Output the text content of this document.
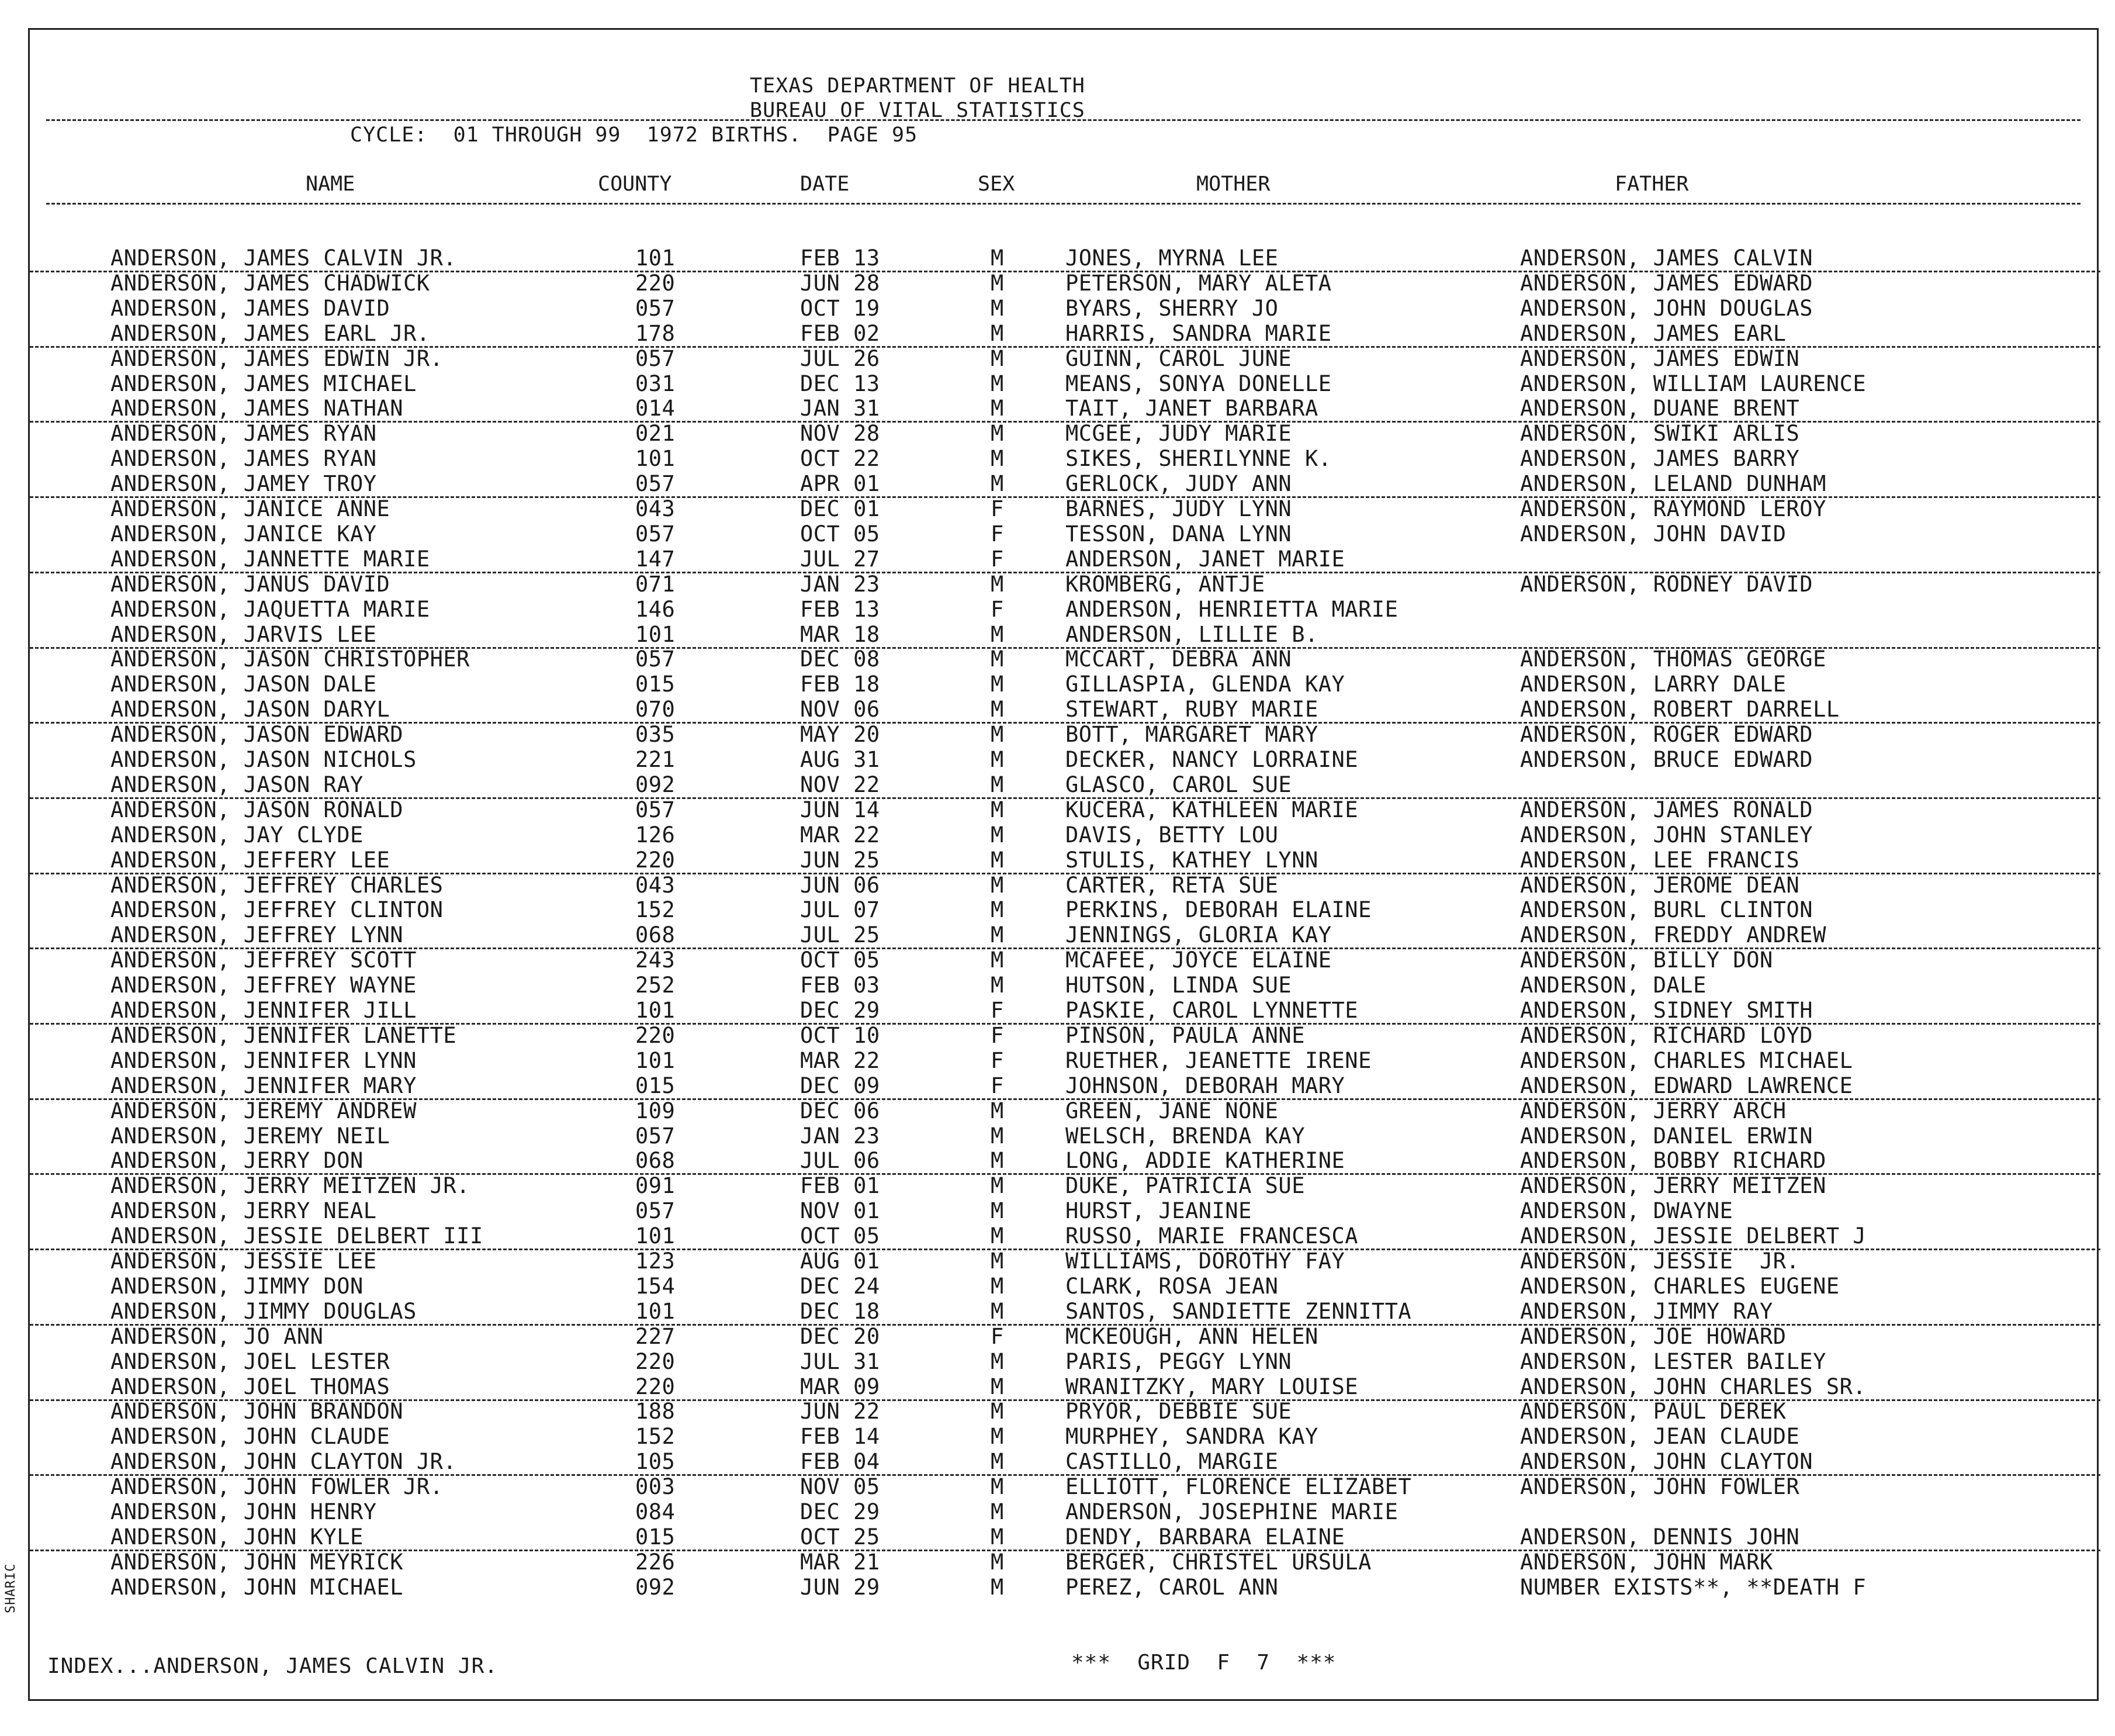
TEXAS DEPARTMENT OF HEALTH
BUREAU OF VITAL STATISTICS
CYCLE:  01 THROUGH 99  1972 BIRTHS.  PAGE 95
NAME	COUNTY	DATE	SEX	MOTHER	FATHER
ANDERSON, JAMES CALVIN JR.	101	FEB 13	M	JONES, MYRNA LEE	ANDERSON, JAMES CALVIN
ANDERSON, JAMES CHADWICK	220	JUN 28	M	PETERSON, MARY ALETA	ANDERSON, JAMES EDWARD
ANDERSON, JAMES DAVID	057	OCT 19	M	BYARS, SHERRY JO	ANDERSON, JOHN DOUGLAS
ANDERSON, JAMES EARL JR.	178	FEB 02	M	HARRIS, SANDRA MARIE	ANDERSON, JAMES EARL
ANDERSON, JAMES EDWIN JR.	057	JUL 26	M	GUINN, CAROL JUNE	ANDERSON, JAMES EDWIN
ANDERSON, JAMES MICHAEL	031	DEC 13	M	MEANS, SONYA DONELLE	ANDERSON, WILLIAM LAURENCE
ANDERSON, JAMES NATHAN	014	JAN 31	M	TAIT, JANET BARBARA	ANDERSON, DUANE BRENT
ANDERSON, JAMES RYAN	021	NOV 28	M	MCGEE, JUDY MARIE	ANDERSON, SWIKI ARLIS
ANDERSON, JAMES RYAN	101	OCT 22	M	SIKES, SHERILYNNE K.	ANDERSON, JAMES BARRY
ANDERSON, JAMEY TROY	057	APR 01	M	GERLOCK, JUDY ANN	ANDERSON, LELAND DUNHAM
ANDERSON, JANICE ANNE	043	DEC 01	F	BARNES, JUDY LYNN	ANDERSON, RAYMOND LEROY
ANDERSON, JANICE KAY	057	OCT 05	F	TESSON, DANA LYNN	ANDERSON, JOHN DAVID
ANDERSON, JANNETTE MARIE	147	JUL 27	F	ANDERSON, JANET MARIE
ANDERSON, JANUS DAVID	071	JAN 23	M	KROMBERG, ANTJE	ANDERSON, RODNEY DAVID
ANDERSON, JAQUETTA MARIE	146	FEB 13	F	ANDERSON, HENRIETTA MARIE
ANDERSON, JARVIS LEE	101	MAR 18	M	ANDERSON, LILLIE B.
ANDERSON, JASON CHRISTOPHER	057	DEC 08	M	MCCART, DEBRA ANN	ANDERSON, THOMAS GEORGE
ANDERSON, JASON DALE	015	FEB 18	M	GILLASPIA, GLENDA KAY	ANDERSON, LARRY DALE
ANDERSON, JASON DARYL	070	NOV 06	M	STEWART, RUBY MARIE	ANDERSON, ROBERT DARRELL
ANDERSON, JASON EDWARD	035	MAY 20	M	BOTT, MARGARET MARY	ANDERSON, ROGER EDWARD
ANDERSON, JASON NICHOLS	221	AUG 31	M	DECKER, NANCY LORRAINE	ANDERSON, BRUCE EDWARD
ANDERSON, JASON RAY	092	NOV 22	M	GLASCO, CAROL SUE
ANDERSON, JASON RONALD	057	JUN 14	M	KUCERA, KATHLEEN MARIE	ANDERSON, JAMES RONALD
ANDERSON, JAY CLYDE	126	MAR 22	M	DAVIS, BETTY LOU	ANDERSON, JOHN STANLEY
ANDERSON, JEFFERY LEE	220	JUN 25	M	STULIS, KATHEY LYNN	ANDERSON, LEE FRANCIS
ANDERSON, JEFFREY CHARLES	043	JUN 06	M	CARTER, RETA SUE	ANDERSON, JEROME DEAN
ANDERSON, JEFFREY CLINTON	152	JUL 07	M	PERKINS, DEBORAH ELAINE	ANDERSON, BURL CLINTON
ANDERSON, JEFFREY LYNN	068	JUL 25	M	JENNINGS, GLORIA KAY	ANDERSON, FREDDY ANDREW
ANDERSON, JEFFREY SCOTT	243	OCT 05	M	MCAFEE, JOYCE ELAINE	ANDERSON, BILLY DON
ANDERSON, JEFFREY WAYNE	252	FEB 03	M	HUTSON, LINDA SUE	ANDERSON, DALE
ANDERSON, JENNIFER JILL	101	DEC 29	F	PASKIE, CAROL LYNNETTE	ANDERSON, SIDNEY SMITH
ANDERSON, JENNIFER LANETTE	220	OCT 10	F	PINSON, PAULA ANNE	ANDERSON, RICHARD LOYD
ANDERSON, JENNIFER LYNN	101	MAR 22	F	RUETHER, JEANETTE IRENE	ANDERSON, CHARLES MICHAEL
ANDERSON, JENNIFER MARY	015	DEC 09	F	JOHNSON, DEBORAH MARY	ANDERSON, EDWARD LAWRENCE
ANDERSON, JEREMY ANDREW	109	DEC 06	M	GREEN, JANE NONE	ANDERSON, JERRY ARCH
ANDERSON, JEREMY NEIL	057	JAN 23	M	WELSCH, BRENDA KAY	ANDERSON, DANIEL ERWIN
ANDERSON, JERRY DON	068	JUL 06	M	LONG, ADDIE KATHERINE	ANDERSON, BOBBY RICHARD
ANDERSON, JERRY MEITZEN JR.	091	FEB 01	M	DUKE, PATRICIA SUE	ANDERSON, JERRY MEITZEN
ANDERSON, JERRY NEAL	057	NOV 01	M	HURST, JEANINE	ANDERSON, DWAYNE
ANDERSON, JESSIE DELBERT III	101	OCT 05	M	RUSSO, MARIE FRANCESCA	ANDERSON, JESSIE DELBERT J
ANDERSON, JESSIE LEE	123	AUG 01	M	WILLIAMS, DOROTHY FAY	ANDERSON, JESSIE  JR.
ANDERSON, JIMMY DON	154	DEC 24	M	CLARK, ROSA JEAN	ANDERSON, CHARLES EUGENE
ANDERSON, JIMMY DOUGLAS	101	DEC 18	M	SANTOS, SANDIETTE ZENNITTA	ANDERSON, JIMMY RAY
ANDERSON, JO ANN	227	DEC 20	F	MCKEOUGH, ANN HELEN	ANDERSON, JOE HOWARD
ANDERSON, JOEL LESTER	220	JUL 31	M	PARIS, PEGGY LYNN	ANDERSON, LESTER BAILEY
ANDERSON, JOEL THOMAS	220	MAR 09	M	WRANITZKY, MARY LOUISE	ANDERSON, JOHN CHARLES SR.
ANDERSON, JOHN BRANDON	188	JUN 22	M	PRYOR, DEBBIE SUE	ANDERSON, PAUL DEREK
ANDERSON, JOHN CLAUDE	152	FEB 14	M	MURPHEY, SANDRA KAY	ANDERSON, JEAN CLAUDE
ANDERSON, JOHN CLAYTON JR.	105	FEB 04	M	CASTILLO, MARGIE	ANDERSON, JOHN CLAYTON
ANDERSON, JOHN FOWLER JR.	003	NOV 05	M	ELLIOTT, FLORENCE ELIZABET	ANDERSON, JOHN FOWLER
ANDERSON, JOHN HENRY	084	DEC 29	M	ANDERSON, JOSEPHINE MARIE
ANDERSON, JOHN KYLE	015	OCT 25	M	DENDY, BARBARA ELAINE	ANDERSON, DENNIS JOHN
ANDERSON, JOHN MEYRICK	226	MAR 21	M	BERGER, CHRISTEL URSULA	ANDERSON, JOHN MARK
ANDERSON, JOHN MICHAEL	092	JUN 29	M	PEREZ, CAROL ANN	NUMBER EXISTS**, **DEATH F
INDEX...ANDERSON, JAMES CALVIN JR.	***  GRID  F  7  ***
SHARIC
